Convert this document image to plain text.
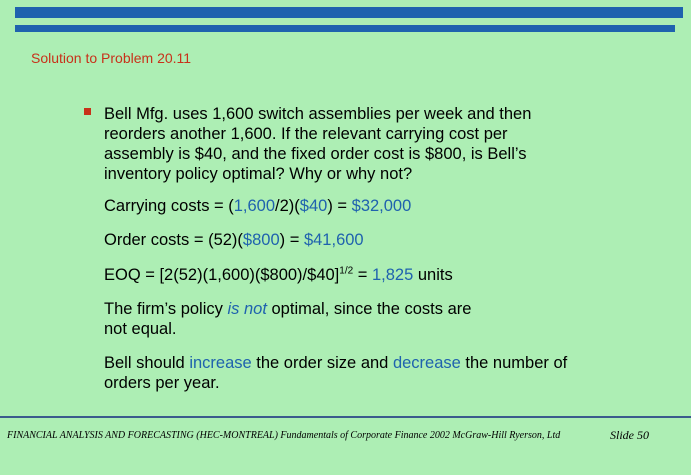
Solution to Problem 20.11
Bell Mfg. uses 1,600 switch assemblies per week and then
reorders another 1,600. If the relevant carrying cost per
assembly is $40, and the fixed order cost is $800, is Bell’s
inventory policy optimal? Why or why not?
Carrying costs = (1,600/2)($40) = $32,000
Order costs = (52)($800) = $41,600
EOQ = [2(52)(1,600)($800)/$40]$^{1/2}$ = 1,825 units
The firm’s policy is not optimal, since the costs are
not equal.
Bell should increase the order size and decrease the number of
orders per year.
FINANCIAL ANALYSIS AND FORECASTING (HEC-MONTREAL) Fundamentals of Corporate Finance 2002 McGraw-Hill Ryerson, Ltd	Slide 50
